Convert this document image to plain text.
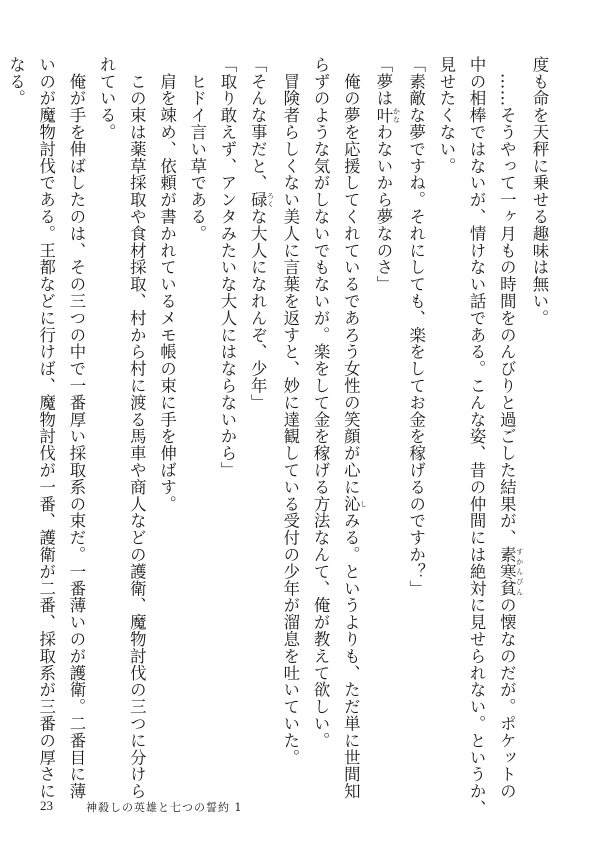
度も命を天秤に乗せる趣味は無い。

　……そうやって一ヶ月もの時間をのんびりと過ごした結果が、素寒貧 すかんぴんの懐なのだが。ポケットの

中の相棒ではないが、情けない話である。こんな姿、昔の仲間には絶対に見せられない。というか、

見せたくない。

「素敵な夢ですね。それにしても、楽をしてお金を稼げるのですか？」

「夢は叶 かなわないから夢なのさ」

　俺の夢を応援してくれているであろう女性の笑顔が心に沁 しみる。というよりも、ただ単に世間知

らずのような気がしないでもないが。楽をして金を稼げる方法なんて、俺が教えて欲しい。

　冒険者らしくない美人に言葉を返すと、妙に達観している受付の少年が溜息を吐いていた。

「そんな事だと、碌 ろくな大人になれんぞ、少年」

「取り敢えず、アンタみたいな大人にはならないから」

　ヒドイ言い草である。

　肩を竦め、依頼が書かれているメモ帳の束に手を伸ばす。

　この束は薬草採取や食材採取、村から村に渡る馬車や商人などの護衛、魔物討伐の三つに分けら

れている。

　俺が手を伸ばしたのは、その三つの中で一番厚い採取系の束だ。一番薄いのが護衛。二番目に薄

いのが魔物討伐である。王都などに行けば、魔物討伐が一番、護衛が二番、採取系が三番の厚さに

なる。

23	神殺しの英雄と七つの誓約 1
